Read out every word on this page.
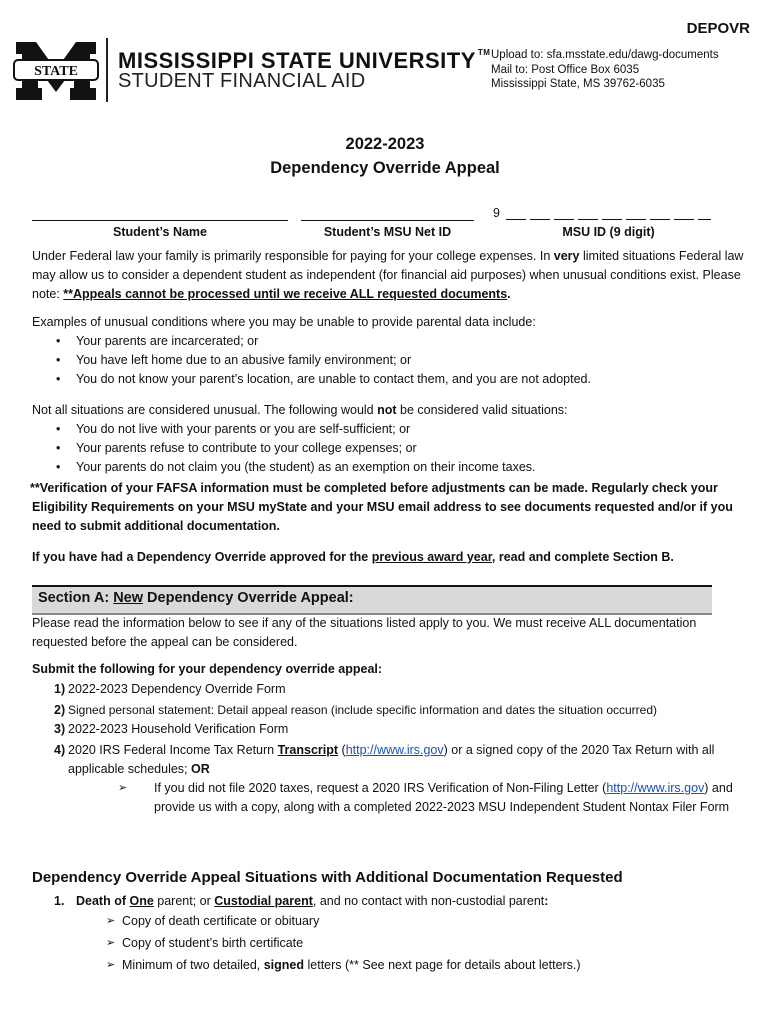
DEPOVR
STATE MISSISSIPPI STATE UNIVERSITY ™
STUDENT FINANCIAL AID
Upload to: sfa.msstate.edu/dawg-documents
Mail to: Post Office Box 6035
Mississippi State, MS 39762-6035
2022-2023
Dependency Override Appeal
Student’s Name	Student’s MSU Net ID
9
MSU ID (9 digit)
Under Federal law your family is primarily responsible for paying for your college expenses. In very limited situations Federal law may allow us to consider a dependent student as independent (for financial aid purposes) when unusual conditions exist. Please note: **Appeals cannot be processed until we receive ALL requested documents.
Examples of unusual conditions where you may be unable to provide parental data include:
• Your parents are incarcerated; or
• You have left home due to an abusive family environment; or
• You do not know your parent’s location, are unable to contact them, and you are not adopted.
Not all situations are considered unusual. The following would not be considered valid situations:
• You do not live with your parents or you are self-sufficient; or
• Your parents refuse to contribute to your college expenses; or
• Your parents do not claim you (the student) as an exemption on their income taxes.
**Verification of your FAFSA information must be completed before adjustments can be made. Regularly check your Eligibility Requirements on your MSU myState and your MSU email address to see documents requested and/or if you need to submit additional documentation.
If you have had a Dependency Override approved for the previous award year, read and complete Section B.
Section A: New Dependency Override Appeal:
Please read the information below to see if any of the situations listed apply to you. We must receive ALL documentation requested before the appeal can be considered.
Submit the following for your dependency override appeal:
1) 2022-2023 Dependency Override Form
2) Signed personal statement: Detail appeal reason (include specific information and dates the situation occurred)
3) 2022-2023 Household Verification Form
4) 2020 IRS Federal Income Tax Return Transcript (http://www.irs.gov) or a signed copy of the 2020 Tax Return with all applicable schedules; OR
➢ If you did not file 2020 taxes, request a 2020 IRS Verification of Non-Filing Letter (http://www.irs.gov) and provide us with a copy, along with a completed 2022-2023 MSU Independent Student Nontax Filer Form
Dependency Override Appeal Situations with Additional Documentation Requested
1. Death of One parent; or Custodial parent, and no contact with non-custodial parent:
➢ Copy of death certificate or obituary
➢ Copy of student’s birth certificate
➢ Minimum of two detailed, signed letters (** See next page for details about letters.)
